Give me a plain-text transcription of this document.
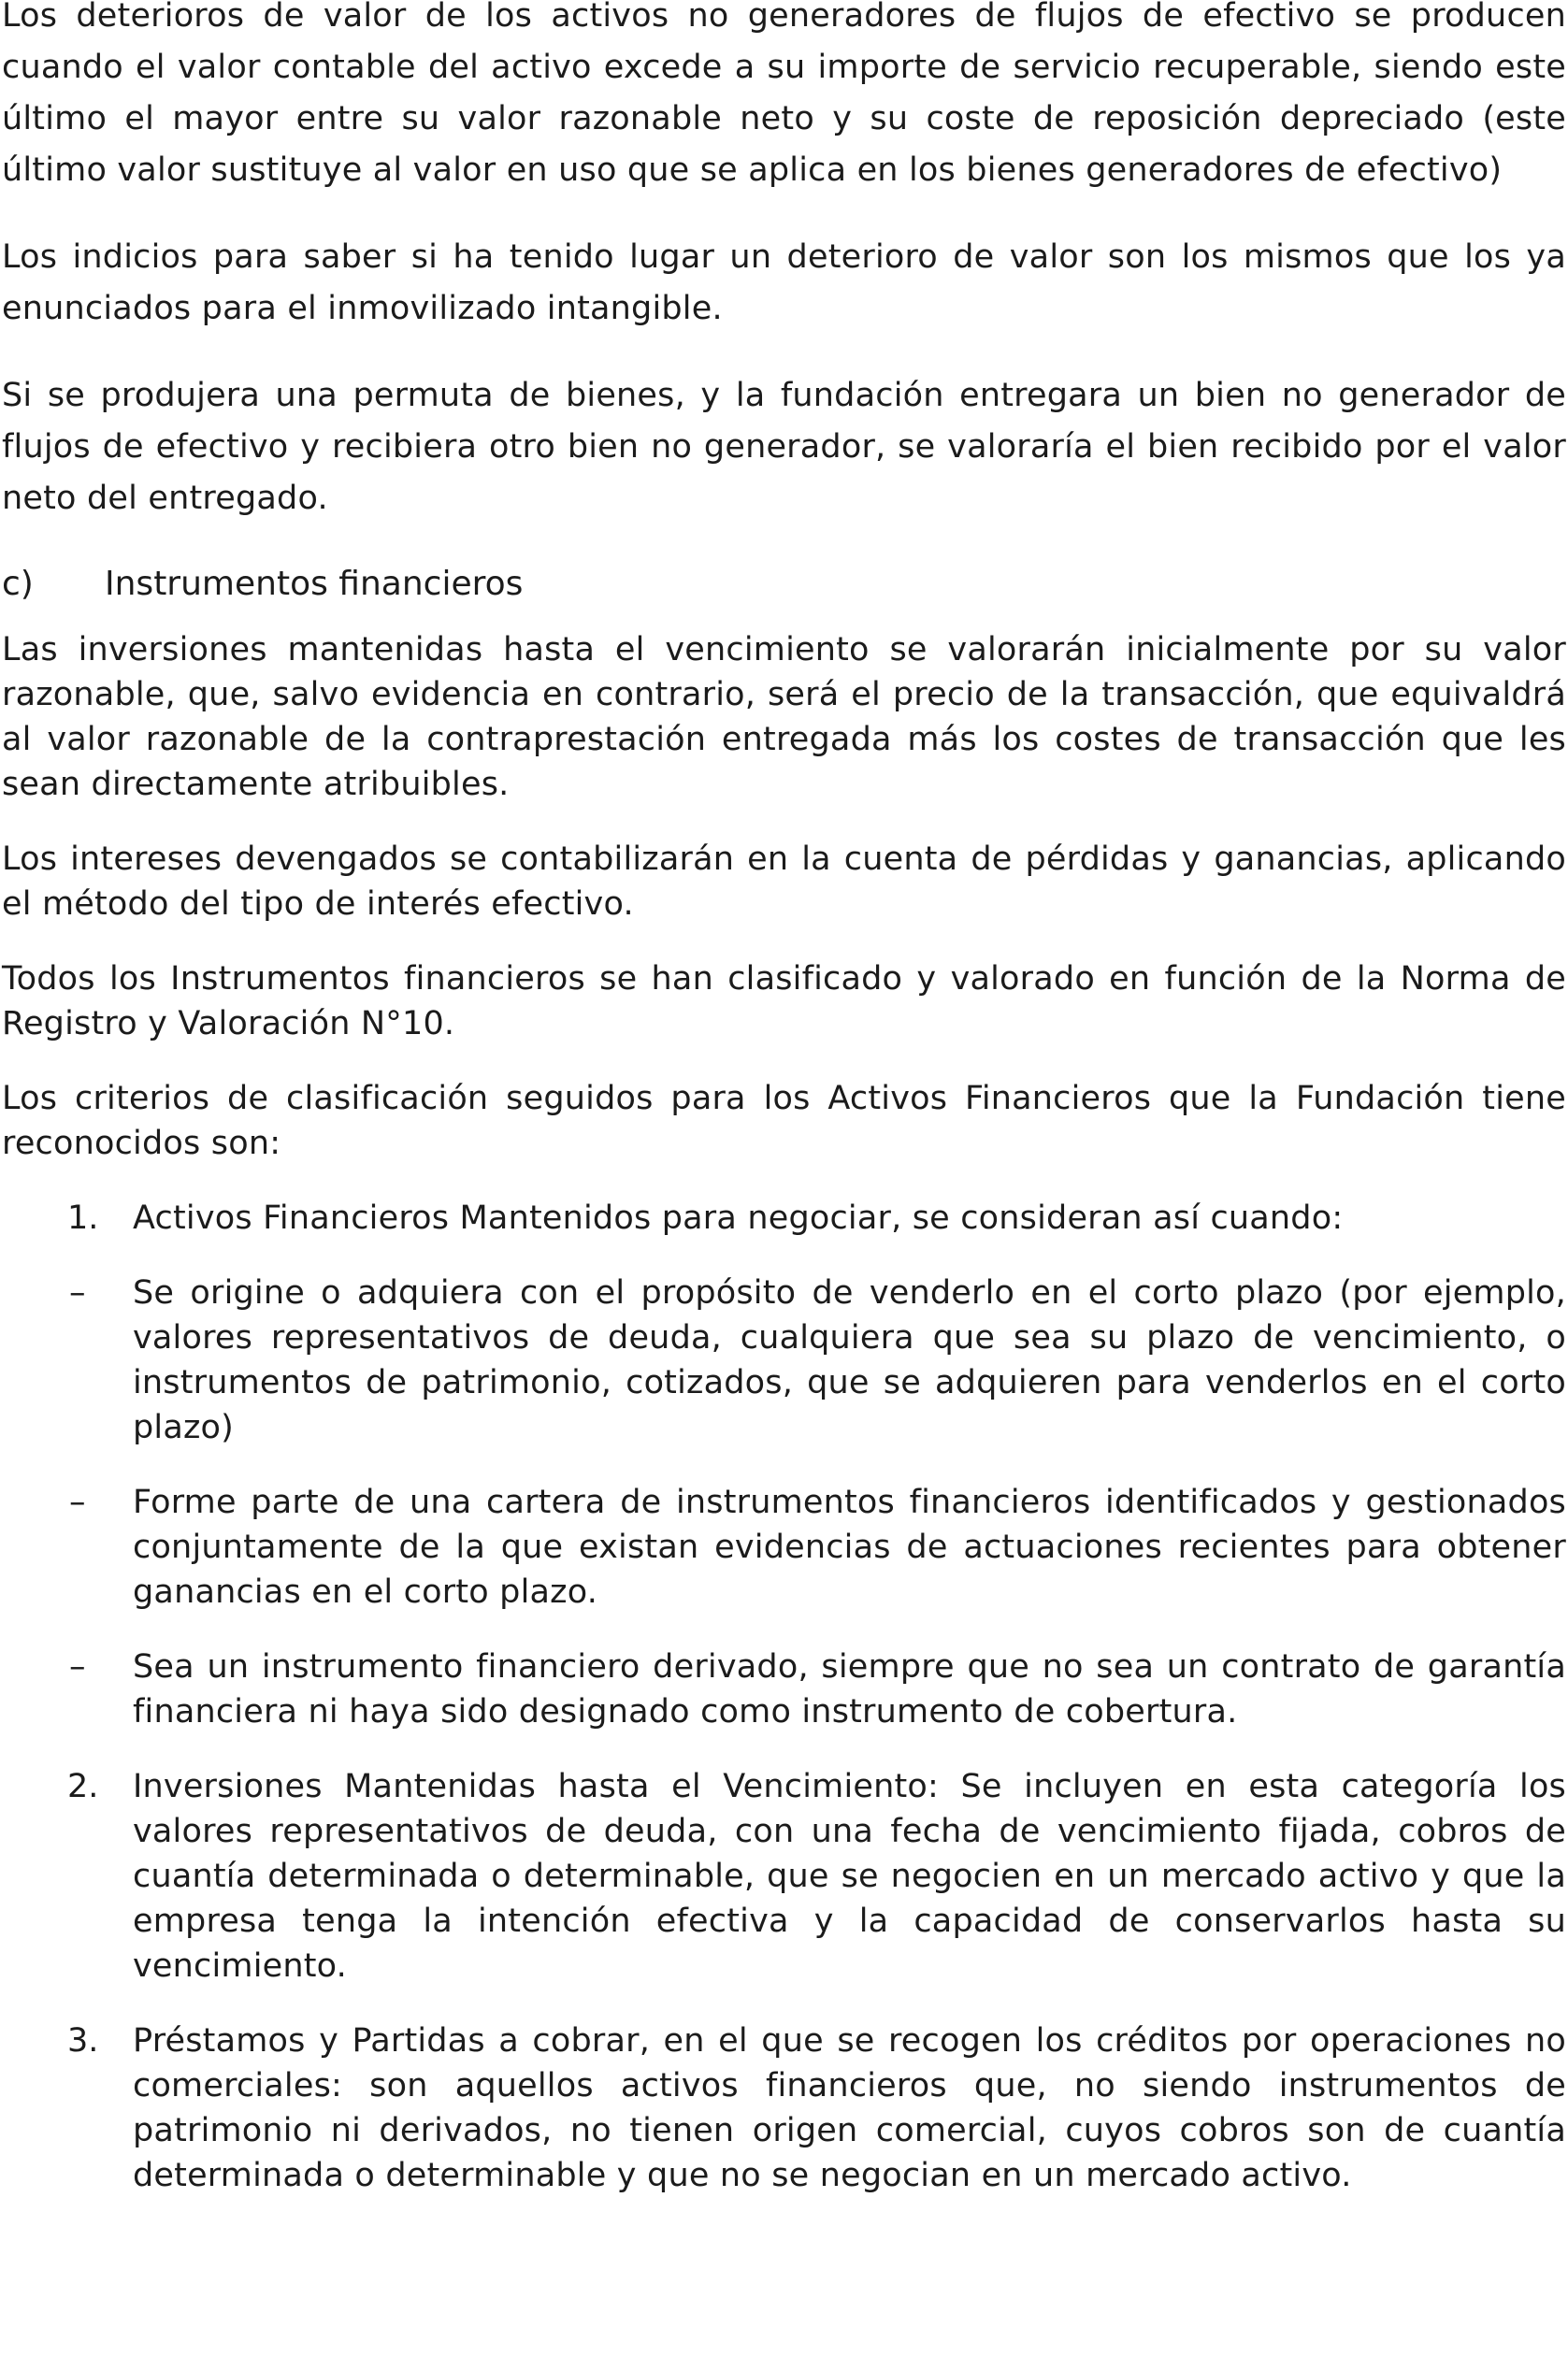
Los deterioros de valor de los activos no generadores de flujos de efectivo se producen cuando el valor contable del activo excede a su importe de servicio recuperable, siendo este último el mayor entre su valor razonable neto y su coste de reposición depreciado (este último valor sustituye al valor en uso que se aplica en los bienes generadores de efectivo)

Los indicios para saber si ha tenido lugar un deterioro de valor son los mismos que los ya enunciados para el inmovilizado intangible.

Si se produjera una permuta de bienes, y la fundación entregara un bien no generador de flujos de efectivo y recibiera otro bien no generador, se valoraría el bien recibido por el valor neto del entregado.

c)	Instrumentos financieros

Las inversiones mantenidas hasta el vencimiento se valorarán inicialmente por su valor razonable, que, salvo evidencia en contrario, será el precio de la transacción, que equivaldrá al valor razonable de la contraprestación entregada más los costes de transacción que les sean directamente atribuibles.

Los intereses devengados se contabilizarán en la cuenta de pérdidas y ganancias, aplicando el método del tipo de interés efectivo.

Todos los Instrumentos financieros se han clasificado y valorado en función de la Norma de Registro y Valoración N°10.

Los criterios de clasificación seguidos para los Activos Financieros que la Fundación tiene reconocidos son:

1. Activos Financieros Mantenidos para negociar, se consideran así cuando:

– Se origine o adquiera con el propósito de venderlo en el corto plazo (por ejemplo, valores representativos de deuda, cualquiera que sea su plazo de vencimiento, o instrumentos de patrimonio, cotizados, que se adquieren para venderlos en el corto plazo)

– Forme parte de una cartera de instrumentos financieros identificados y gestionados conjuntamente de la que existan evidencias de actuaciones recientes para obtener ganancias en el corto plazo.

– Sea un instrumento financiero derivado, siempre que no sea un contrato de garantía financiera ni haya sido designado como instrumento de cobertura.

2. Inversiones Mantenidas hasta el Vencimiento: Se incluyen en esta categoría los valores representativos de deuda, con una fecha de vencimiento fijada, cobros de cuantía determinada o determinable, que se negocien en un mercado activo y que la empresa tenga la intención efectiva y la capacidad de conservarlos hasta su vencimiento.

3. Préstamos y Partidas a cobrar, en el que se recogen los créditos por operaciones no comerciales: son aquellos activos financieros que, no siendo instrumentos de patrimonio ni derivados, no tienen origen comercial, cuyos cobros son de cuantía determinada o determinable y que no se negocian en un mercado activo.
